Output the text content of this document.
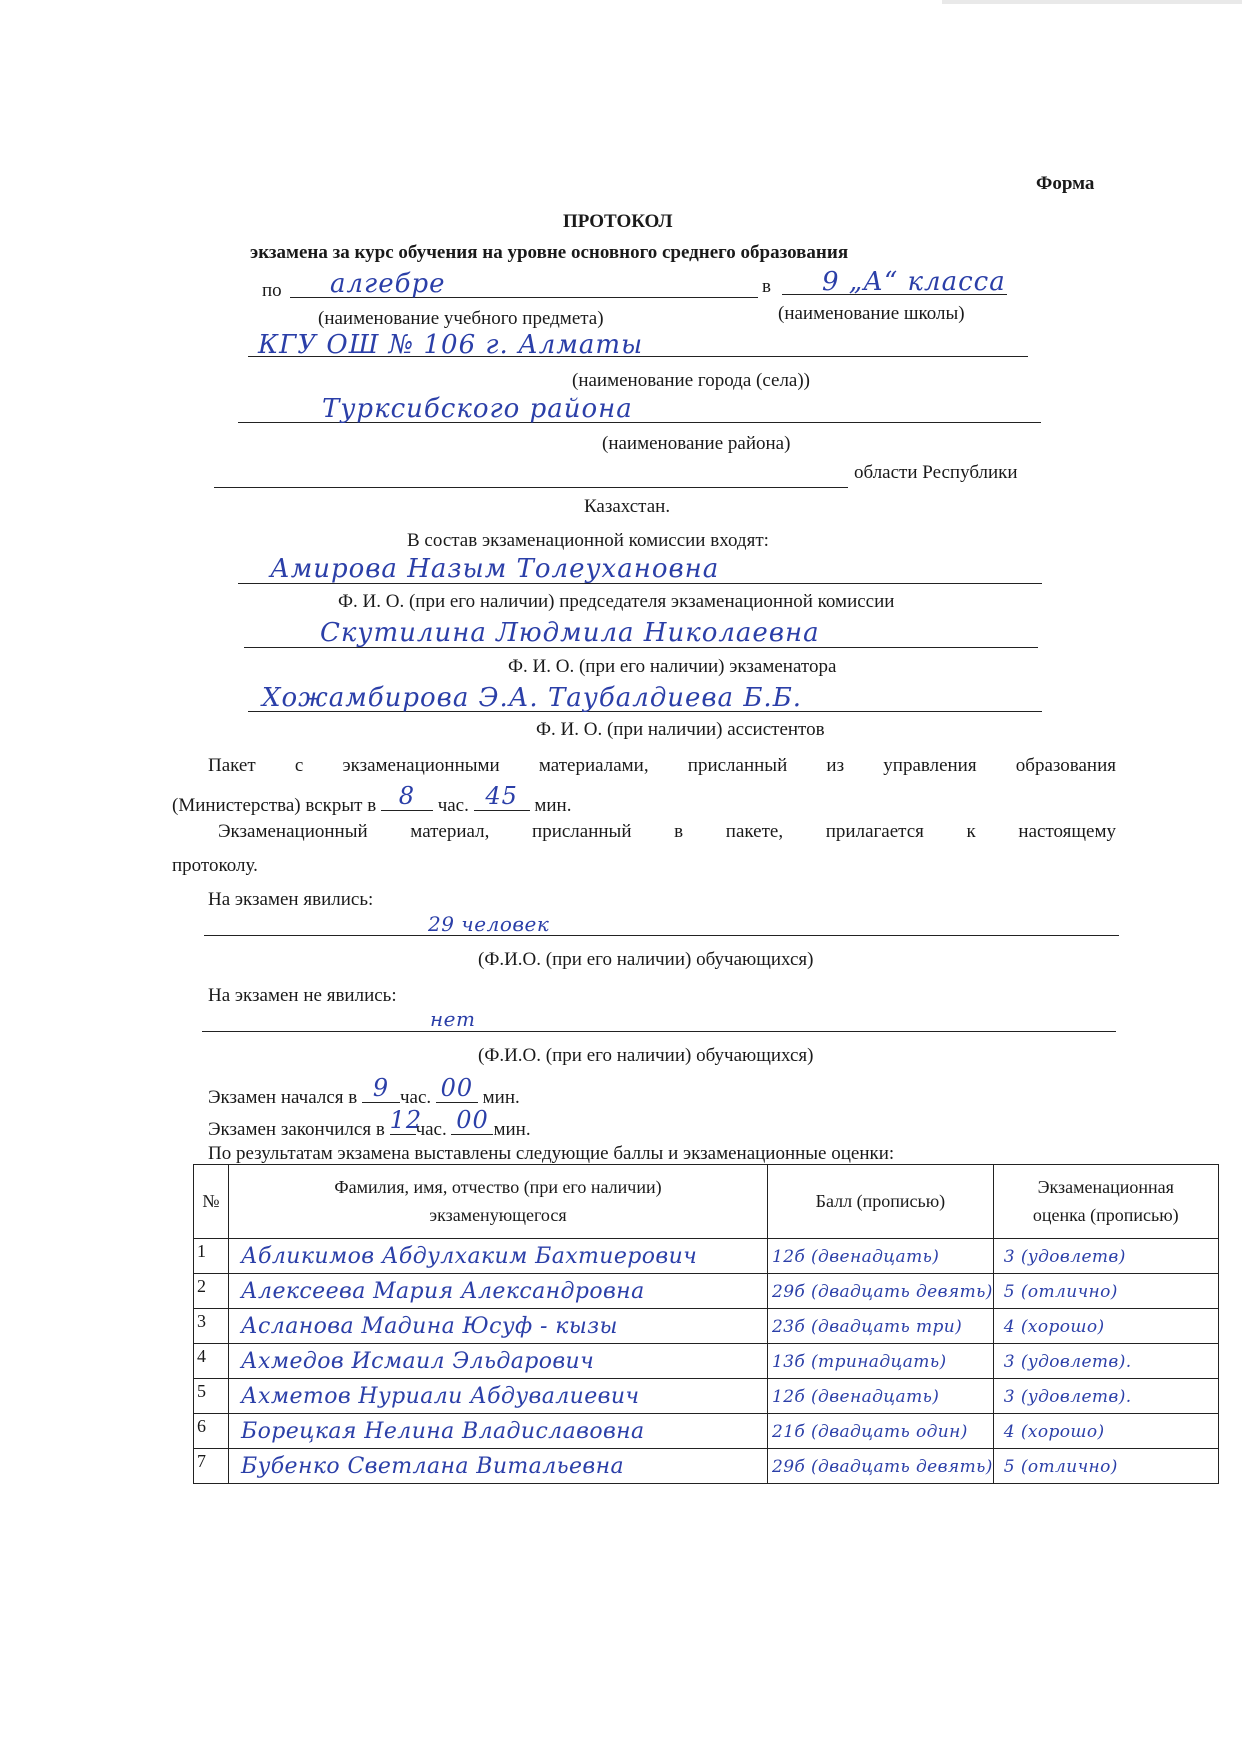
Форма
ПРОТОКОЛ
экзамена за курс обучения на уровне основного среднего образования
по алгебре	в 9 „А“ класса
(наименование учебного предмета)	(наименование школы)
КГУ ОШ № 106 г. Алматы
(наименование города (села))
Турксибского района
(наименование района)
области Республики
Казахстан.
В состав экзаменационной комиссии входят:
Амирова Назым Толеухановна
Ф. И. О. (при его наличии) председателя экзаменационной комиссии
Скутилина Людмила Николаевна
Ф. И. О. (при его наличии) экзаменатора
Хожамбирова Э.А. Таубалдиева Б.Б.
Ф. И. О. (при наличии) ассистентов
Пакет с экзаменационными материалами, присланный из управления образования
(Министерства) вскрыт в 8	час. 45 мин.
Экзаменационный материал, присланный в пакете, прилагается к настоящему
протоколу.
На экзамен явились:
29 человек
(Ф.И.О. (при его наличии) обучающихся)
На экзамен не явились:
нет
(Ф.И.О. (при его наличии) обучающихся)
Экзамен начался в 9 час. 00 мин.
Экзамен закончился в 12
час. 00 мин.
По результатам экзамена выставлены следующие баллы и экзаменационные оценки:
№	Фамилия, имя, отчество (при его наличии) экзаменующегося	Балл (прописью)	Экзаменационная оценка (прописью)
1	Абликимов Абдулхаким Бахтиерович	12б (двенадцать)	3 (удовлетв)
2	Алексеева Мария Александровна	29б (двадцать девять)	5 (отлично)
3	Асланова Мадина Юсуф - кызы	23б (двадцать три)	4 (хорошо)
4	Ахмедов Исмаил Эльдарович	13б (тринадцать)	3 (удовлетв).
5	Ахметов Нуриали Абдувалиевич	12б (двенадцать)	3 (удовлетв).
6	Борецкая Нелина Владиславовна	21б (двадцать один)	4 (хорошо)
7	Бубенко Светлана Витальевна	29б (двадцать девять)	5 (отлично)
